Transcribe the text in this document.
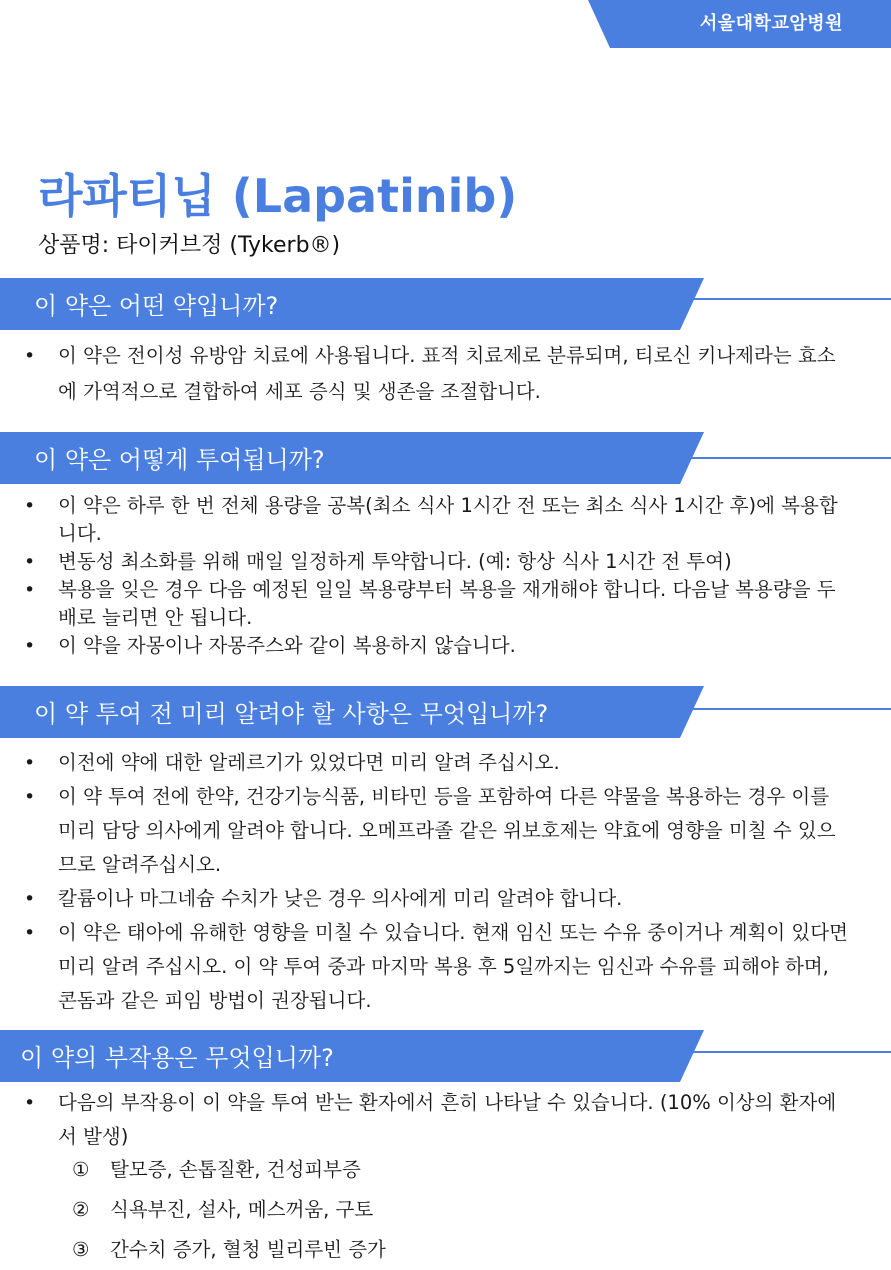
서울대학교암병원
라파티닙 (Lapatinib)
상품명: 타이커브정 (Tykerb®)
이 약은 어떤 약입니까?
• 이 약은 전이성 유방암 치료에 사용됩니다. 표적 치료제로 분류되며, 티로신 키나제라는 효소에 가역적으로 결합하여 세포 증식 및 생존을 조절합니다.
이 약은 어떻게 투여됩니까?
• 이 약은 하루 한 번 전체 용량을 공복(최소 식사 1시간 전 또는 최소 식사 1시간 후)에 복용합니다.
• 변동성 최소화를 위해 매일 일정하게 투약합니다. (예: 항상 식사 1시간 전 투여)
• 복용을 잊은 경우 다음 예정된 일일 복용량부터 복용을 재개해야 합니다. 다음날 복용량을 두 배로 늘리면 안 됩니다.
• 이 약을 자몽이나 자몽주스와 같이 복용하지 않습니다.
이 약 투여 전 미리 알려야 할 사항은 무엇입니까?
• 이전에 약에 대한 알레르기가 있었다면 미리 알려 주십시오.
• 이 약 투여 전에 한약, 건강기능식품, 비타민 등을 포함하여 다른 약물을 복용하는 경우 이를 미리 담당 의사에게 알려야 합니다. 오메프라졸 같은 위보호제는 약효에 영향을 미칠 수 있으므로 알려주십시오.
• 칼륨이나 마그네슘 수치가 낮은 경우 의사에게 미리 알려야 합니다.
• 이 약은 태아에 유해한 영향을 미칠 수 있습니다. 현재 임신 또는 수유 중이거나 계획이 있다면 미리 알려 주십시오. 이 약 투여 중과 마지막 복용 후 5일까지는 임신과 수유를 피해야 하며, 콘돔과 같은 피임 방법이 권장됩니다.
이 약의 부작용은 무엇입니까?
• 다음의 부작용이 이 약을 투여 받는 환자에서 흔히 나타날 수 있습니다. (10% 이상의 환자에서 발생)
① 탈모증, 손톱질환, 건성피부증
② 식욕부진, 설사, 메스꺼움, 구토
③ 간수치 증가, 혈청 빌리루빈 증가
